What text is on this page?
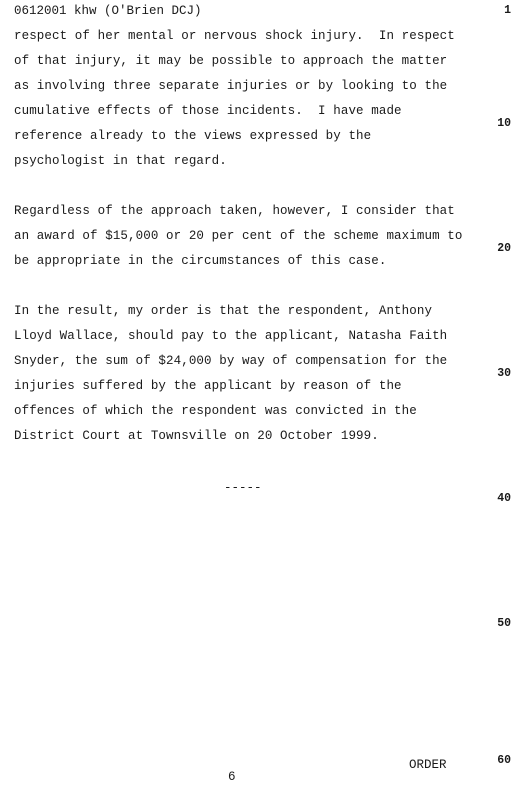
0612001 khw (O'Brien DCJ)
respect of her mental or nervous shock injury.  In respect
of that injury, it may be possible to approach the matter
as involving three separate injuries or by looking to the
cumulative effects of those incidents.  I have made
reference already to the views expressed by the
psychologist in that regard.
Regardless of the approach taken, however, I consider that
an award of $15,000 or 20 per cent of the scheme maximum to
be appropriate in the circumstances of this case.
In the result, my order is that the respondent, Anthony
Lloyd Wallace, should pay to the applicant, Natasha Faith
Snyder, the sum of $24,000 by way of compensation for the
injuries suffered by the applicant by reason of the
offences of which the respondent was convicted in the
District Court at Townsville on 20 October 1999.
-----
1
10
20
30
40
50
60
ORDER
6
